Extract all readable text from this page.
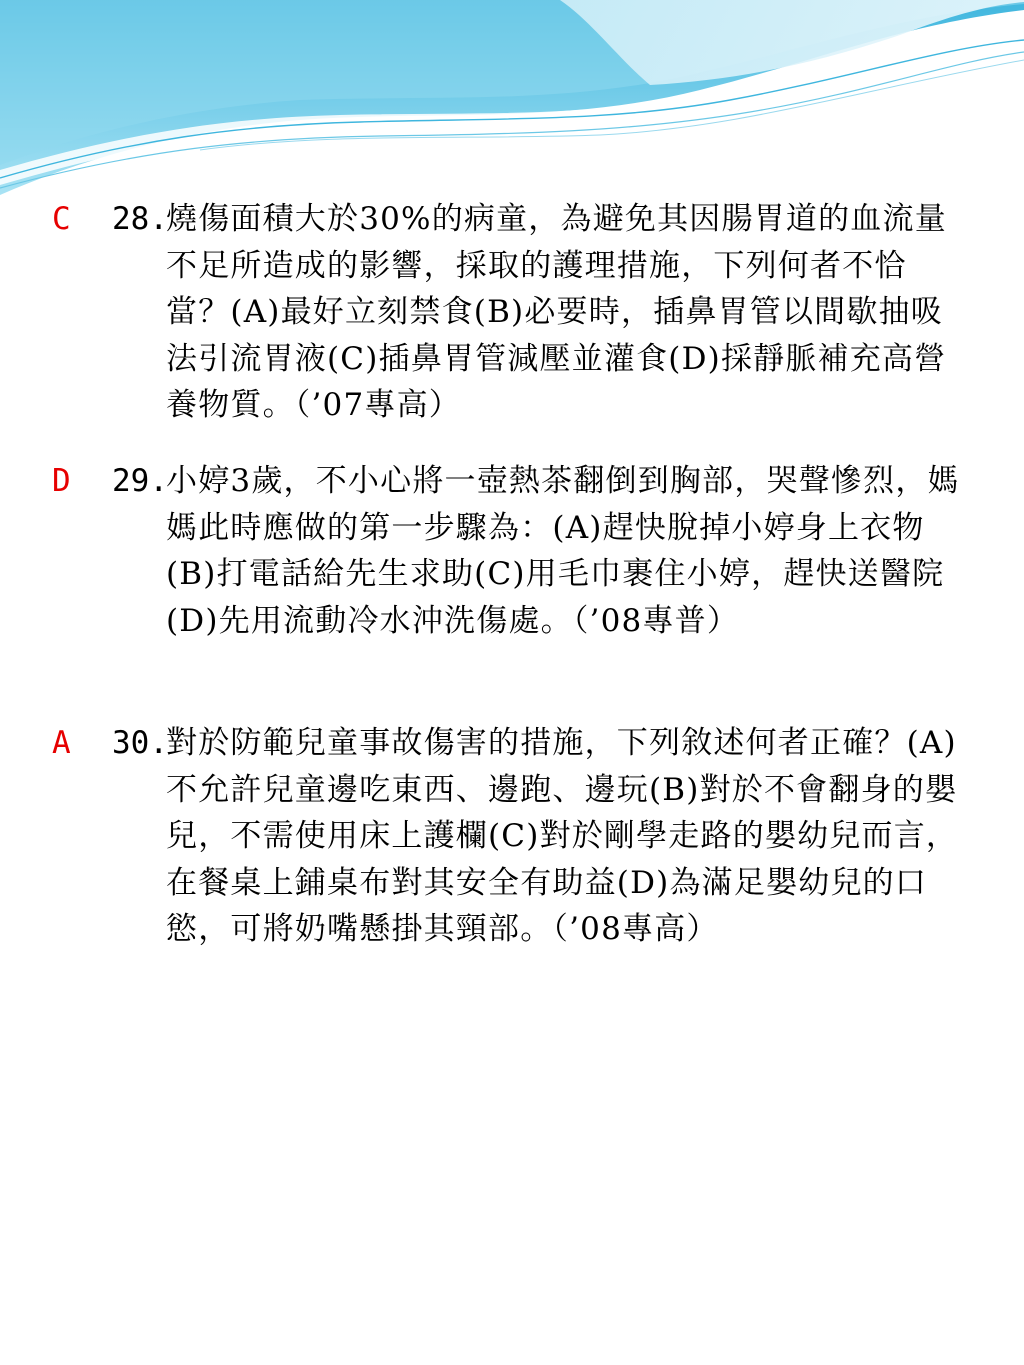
C 28.
燒傷面積大於30%的病童，為避免其因腸胃道的血流量不足所造成的影響，採取的護理措施，下列何者不恰當？(A)最好立刻禁食(B)必要時，插鼻胃管以間歇抽吸法引流胃液(C)插鼻胃管減壓並灌食(D)採靜脈補充高營養物質。（’07專高）
D 29.
小婷3歲，不小心將一壺熱茶翻倒到胸部，哭聲慘烈，媽媽此時應做的第一步驟為：(A)趕快脫掉小婷身上衣物(B)打電話給先生求助(C)用毛巾裹住小婷，趕快送醫院(D)先用流動冷水沖洗傷處。（’08專普）
A 30.
對於防範兒童事故傷害的措施，下列敘述何者正確？(A)不允許兒童邊吃東西、邊跑、邊玩(B)對於不會翻身的嬰兒，不需使用床上護欄(C)對於剛學走路的嬰幼兒而言，在餐桌上鋪桌布對其安全有助益(D)為滿足嬰幼兒的口慾，可將奶嘴懸掛其頸部。（’08專高）
